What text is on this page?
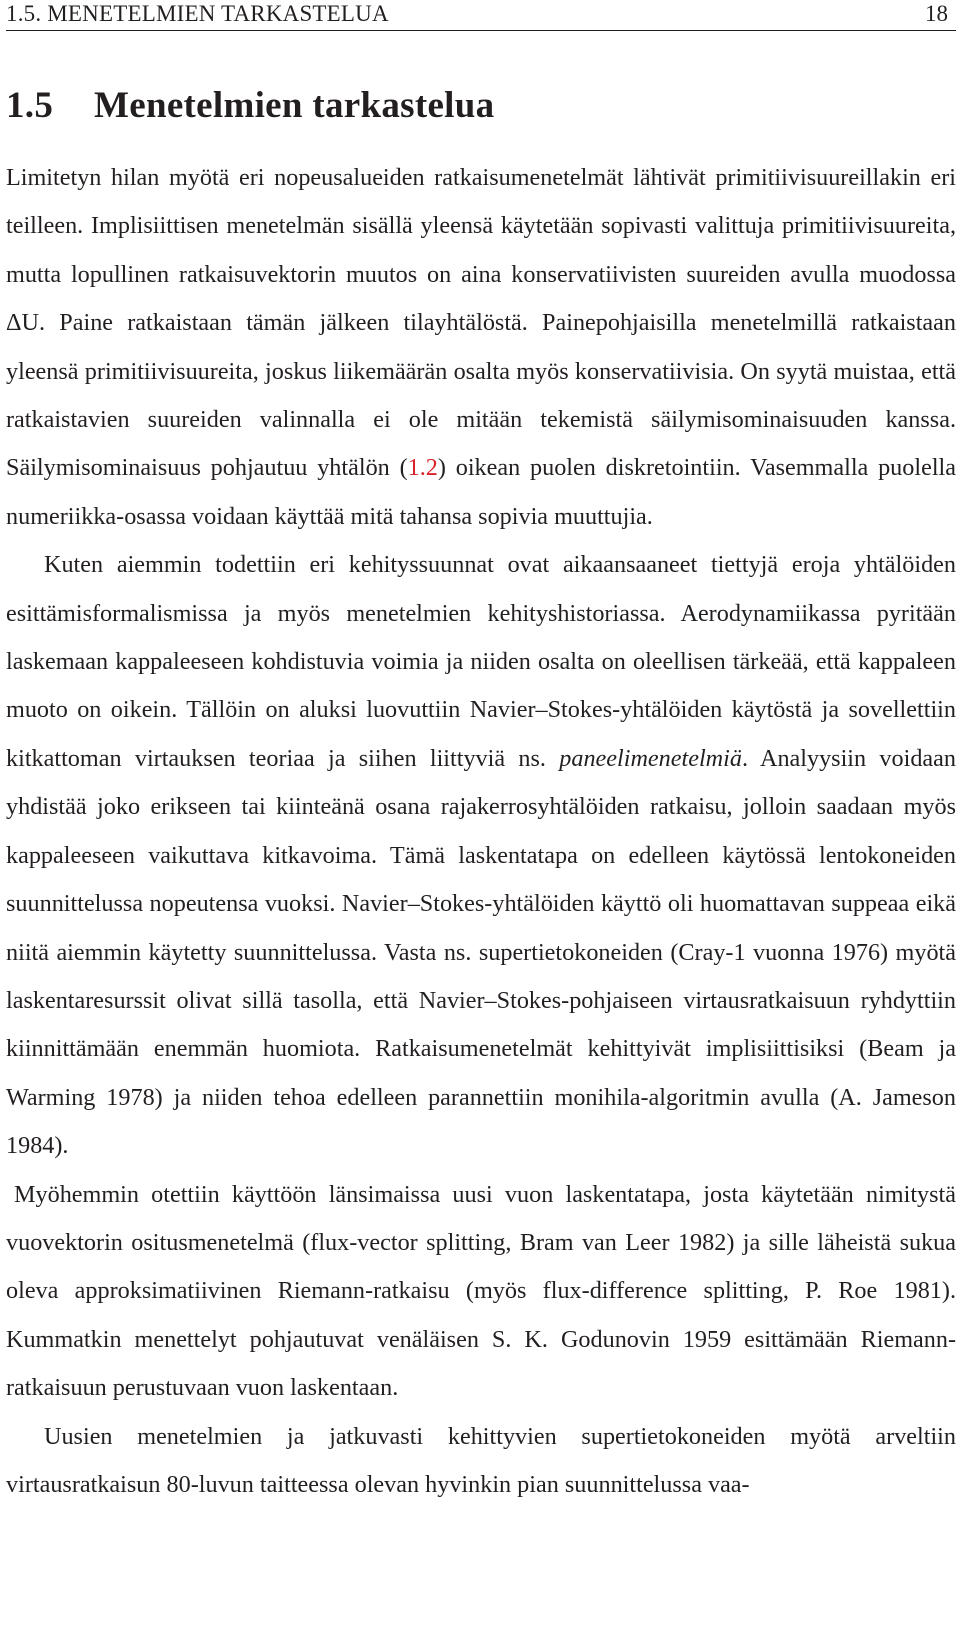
1.5. MENETELMIEN TARKASTELUA	18
1.5 Menetelmien tarkastelua

Limitetyn hilan myötä eri nopeusalueiden ratkaisumenetelmät lähtivät primitiivisuureillakin eri teilleen. Implisiittisen menetelmän sisällä yleensä käytetään sopivasti valittuja primitiivisuureita, mutta lopullinen ratkaisuvektorin muutos on aina konservatiivisten suureiden avulla muodossa ΔU. Paine ratkaistaan tämän jälkeen tilayhtälöstä. Painepohjaisilla menetelmillä ratkaistaan yleensä primitiivisuureita, joskus liikemäärän osalta myös konservatiivisia. On syytä muistaa, että ratkaistavien suureiden valinnalla ei ole mitään tekemistä säilymisominaisuuden kanssa. Säilymisominaisuus pohjautuu yhtälön (1.2) oikean puolen diskretointiin. Vasemmalla puolella numeriikka-osassa voidaan käyttää mitä tahansa sopivia muuttujia.

Kuten aiemmin todettiin eri kehityssuunnat ovat aikaansaaneet tiettyjä eroja yhtälöiden esittämisformalismissa ja myös menetelmien kehityshistoriassa. Aerodynamiikassa pyritään laskemaan kappaleeseen kohdistuvia voimia ja niiden osalta on oleellisen tärkeää, että kappaleen muoto on oikein. Tällöin on aluksi luovuttiin Navier–Stokes-yhtälöiden käytöstä ja sovellettiin kitkattoman virtauksen teoriaa ja siihen liittyviä ns. paneelimenetelmiä. Analyysiin voidaan yhdistää joko erikseen tai kiinteänä osana rajakerrosyhtälöiden ratkaisu, jolloin saadaan myös kappaleeseen vaikuttava kitkavoima. Tämä laskentatapa on edelleen käytössä lentokoneiden suunnittelussa nopeutensa vuoksi. Navier–Stokes-yhtälöiden käyttö oli huomattavan suppeaa eikä niitä aiemmin käytetty suunnittelussa. Vasta ns. supertietokoneiden (Cray-1 vuonna 1976) myötä laskentaresurssit olivat sillä tasolla, että Navier–Stokes-pohjaiseen virtausratkaisuun ryhdyttiin kiinnittämään enemmän huomiota. Ratkaisumenetelmät kehittyivät implisiittisiksi (Beam ja Warming 1978) ja niiden tehoa edelleen parannettiin monihila-algoritmin avulla (A. Jameson 1984).

Myöhemmin otettiin käyttöön länsimaissa uusi vuon laskentatapa, josta käytetään nimitystä vuovektorin ositusmenetelmä (flux-vector splitting, Bram van Leer 1982) ja sille läheistä sukua oleva approksimatiivinen Riemann-ratkaisu (myös flux-difference splitting, P. Roe 1981). Kummatkin menettelyt pohjautuvat venäläisen S. K. Godunovin 1959 esittämään Riemann-ratkaisuun perustuvaan vuon laskentaan.

Uusien menetelmien ja jatkuvasti kehittyvien supertietokoneiden myötä arveltiin virtausratkaisun 80-luvun taitteessa olevan hyvinkin pian suunnittelussa vaa-
